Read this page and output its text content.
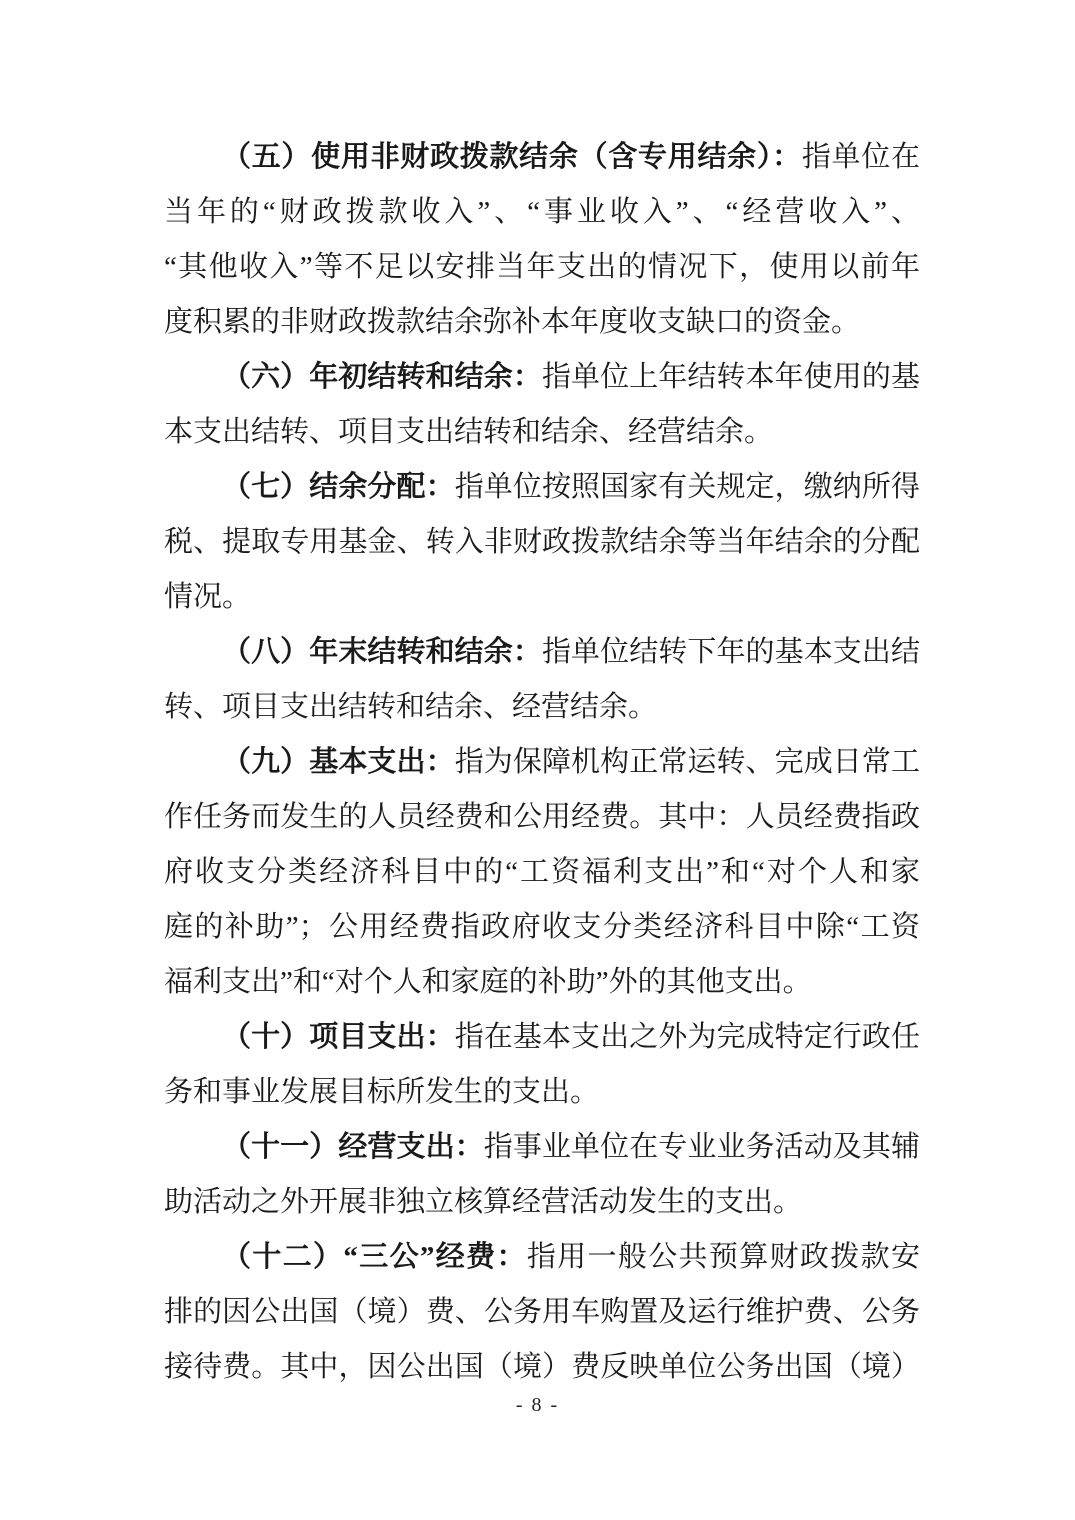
（五）使用非财政拨款结余（含专用结余）：指单位在
当年的“财政拨款收入”、“事业收入”、“经营收入”、
“其他收入”等不足以安排当年支出的情况下，使用以前年
度积累的非财政拨款结余弥补本年度收支缺口的资金。
（六）年初结转和结余：指单位上年结转本年使用的基
本支出结转、项目支出结转和结余、经营结余。
（七）结余分配：指单位按照国家有关规定，缴纳所得
税、提取专用基金、转入非财政拨款结余等当年结余的分配
情况。
（八）年末结转和结余：指单位结转下年的基本支出结
转、项目支出结转和结余、经营结余。
（九）基本支出：指为保障机构正常运转、完成日常工
作任务而发生的人员经费和公用经费。其中：人员经费指政
府收支分类经济科目中的“工资福利支出”和“对个人和家
庭的补助”；公用经费指政府收支分类经济科目中除“工资
福利支出”和“对个人和家庭的补助”外的其他支出。
（十）项目支出：指在基本支出之外为完成特定行政任
务和事业发展目标所发生的支出。
（十一）经营支出：指事业单位在专业业务活动及其辅
助活动之外开展非独立核算经营活动发生的支出。
（十二）“三公”经费：指用一般公共预算财政拨款安
排的因公出国（境）费、公务用车购置及运行维护费、公务
接待费。其中，因公出国（境）费反映单位公务出国（境）
- 8 -
